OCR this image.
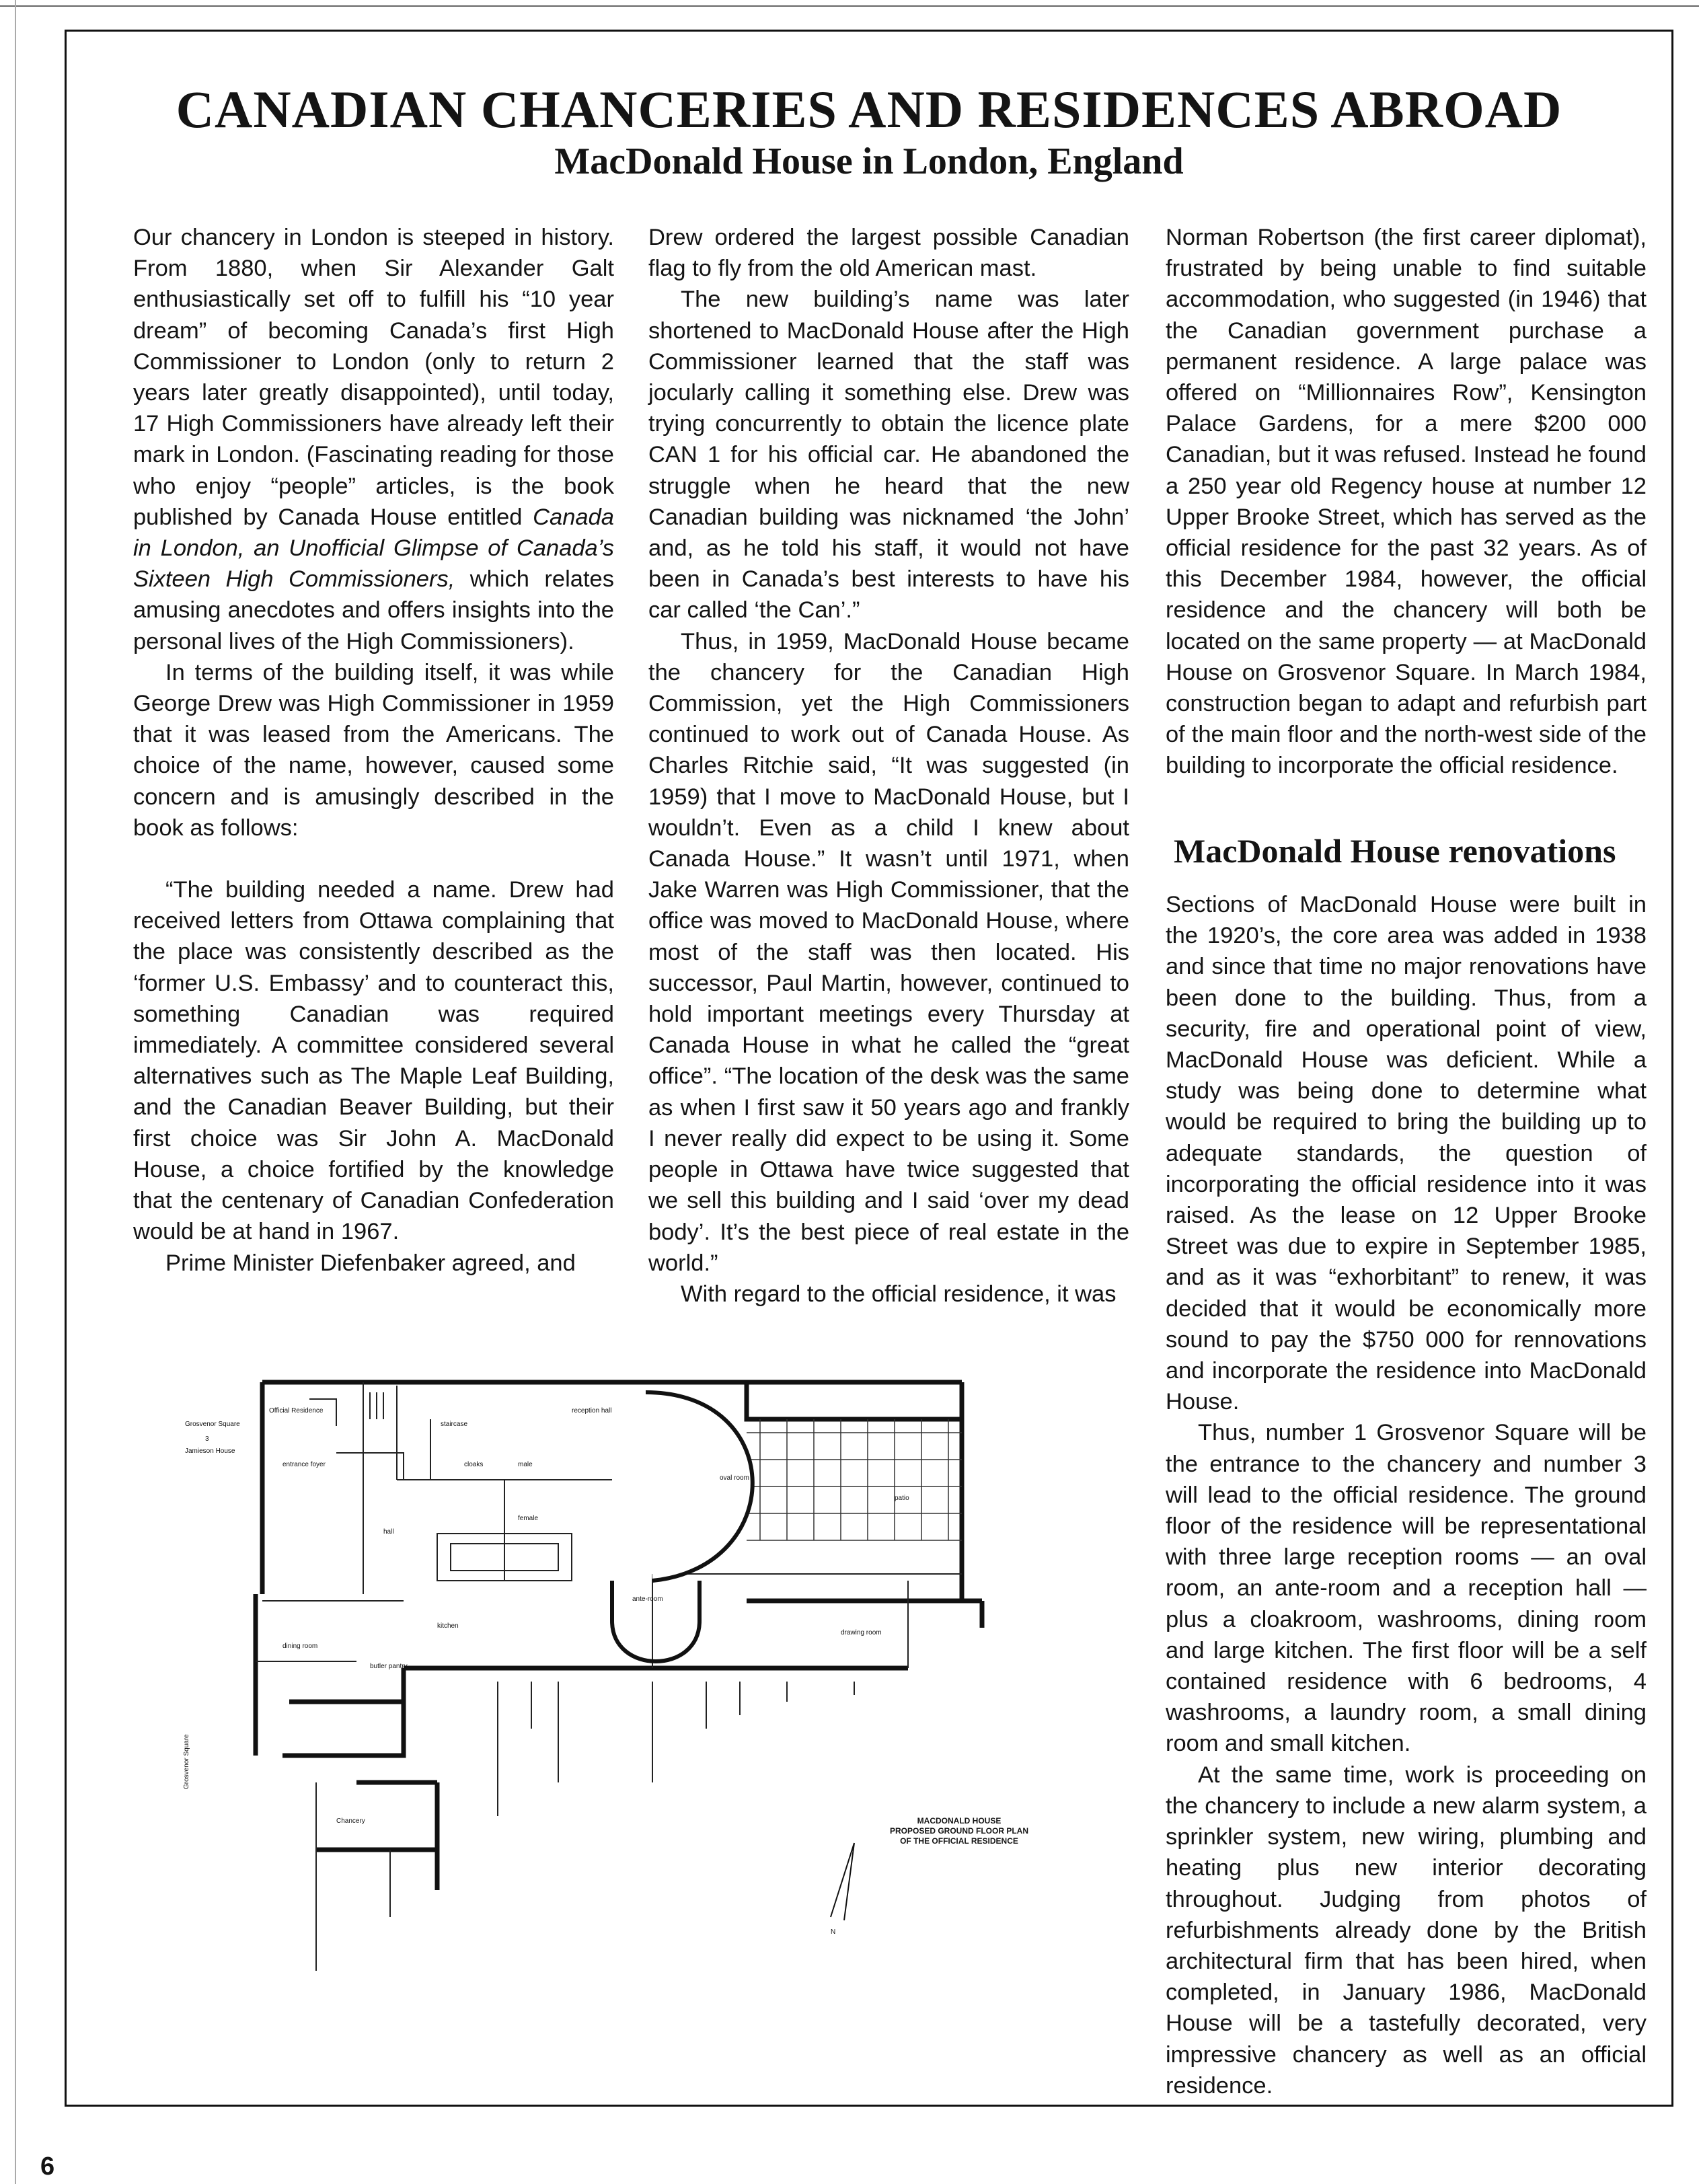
CANADIAN CHANCERIES AND RESIDENCES ABROAD
MacDonald House in London, England

Our chancery in London is steeped in history. From 1880, when Sir Alexander Galt enthusiastically set off to fulfill his “10 year dream” of becoming Canada’s first High Commissioner to London (only to return 2 years later greatly disappointed), until today, 17 High Commissioners have already left their mark in London. (Fascinating reading for those who enjoy “people” articles, is the book published by Canada House entitled Canada in London, an Unofficial Glimpse of Canada’s Sixteen High Commissioners, which relates amusing anecdotes and offers insights into the personal lives of the High Commissioners).

In terms of the building itself, it was while George Drew was High Commissioner in 1959 that it was leased from the Americans. The choice of the name, however, caused some concern and is amusingly described in the book as follows:

“The building needed a name. Drew had received letters from Ottawa complaining that the place was consistently described as the ‘former U.S. Embassy’ and to counteract this, something Canadian was required immediately. A committee considered several alternatives such as The Maple Leaf Building, and the Canadian Beaver Building, but their first choice was Sir John A. MacDonald House, a choice fortified by the knowledge that the centenary of Canadian Confederation would be at hand in 1967.

Prime Minister Diefenbaker agreed, and

Drew ordered the largest possible Canadian flag to fly from the old American mast.

The new building’s name was later shortened to MacDonald House after the High Commissioner learned that the staff was jocularly calling it something else. Drew was trying concurrently to obtain the licence plate CAN 1 for his official car. He abandoned the struggle when he heard that the new Canadian building was nicknamed ‘the John’ and, as he told his staff, it would not have been in Canada’s best interests to have his car called ‘the Can’.”

Thus, in 1959, MacDonald House became the chancery for the Canadian High Commission, yet the High Commissioners continued to work out of Canada House. As Charles Ritchie said, “It was suggested (in 1959) that I move to MacDonald House, but I wouldn’t. Even as a child I knew about Canada House.” It wasn’t until 1971, when Jake Warren was High Commissioner, that the office was moved to MacDonald House, where most of the staff was then located. His successor, Paul Martin, however, continued to hold important meetings every Thursday at Canada House in what he called the “great office”. “The location of the desk was the same as when I first saw it 50 years ago and frankly I never really did expect to be using it. Some people in Ottawa have twice suggested that we sell this building and I said ‘over my dead body’. It’s the best piece of real estate in the world.”

With regard to the official residence, it was

Norman Robertson (the first career diplomat), frustrated by being unable to find suitable accommodation, who suggested (in 1946) that the Canadian government purchase a permanent residence. A large palace was offered on “Millionnaires Row”, Kensington Palace Gardens, for a mere $200 000 Canadian, but it was refused. Instead he found a 250 year old Regency house at number 12 Upper Brooke Street, which has served as the official residence for the past 32 years. As of this December 1984, however, the official residence and the chancery will both be located on the same property — at MacDonald House on Grosvenor Square. In March 1984, construction began to adapt and refurbish part of the main floor and the north-west side of the building to incorporate the official residence.

MacDonald House renovations

Sections of MacDonald House were built in the 1920’s, the core area was added in 1938 and since that time no major renovations have been done to the building. Thus, from a security, fire and operational point of view, MacDonald House was deficient. While a study was being done to determine what would be required to bring the building up to adequate standards, the question of incorporating the official residence into it was raised. As the lease on 12 Upper Brooke Street was due to expire in September 1985, and as it was “exhorbitant” to renew, it was decided that it would be economically more sound to pay the $750 000 for rennovations and incorporate the residence into MacDonald House.

Thus, number 1 Grosvenor Square will be the entrance to the chancery and number 3 will lead to the official residence. The ground floor of the residence will be representational with three large reception rooms — an oval room, an ante-room and a reception hall — plus a cloakroom, washrooms, dining room and large kitchen. The first floor will be a self contained residence with 6 bedrooms, 4 washrooms, a laundry room, a small dining room and small kitchen.

At the same time, work is proceeding on the chancery to include a new alarm system, a sprinkler system, new wiring, plumbing and heating plus new interior decorating throughout. Judging from photos of refurbishments already done by the British architectural firm that has been hired, when completed, in January 1986, MacDonald House will be a tastefully decorated, very impressive chancery as well as an official residence.

Grosvenor Square
3
Jamieson House
Official Residence
entrance foyer
staircase
reception hall
oval room
patio
cloaks	male
female
hall
ante-room
drawing room
dining room
kitchen
butler pantry
Chancery
Grosvenor Square
N
MACDONALD HOUSE
PROPOSED GROUND FLOOR PLAN
OF THE OFFICIAL RESIDENCE
6
